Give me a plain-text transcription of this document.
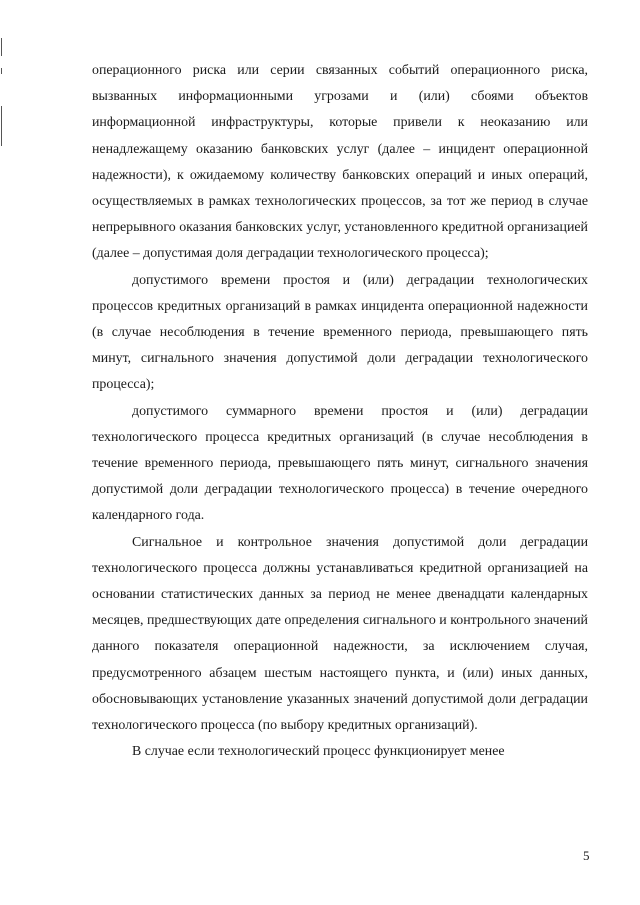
операционного риска или серии связанных событий операционного риска, вызванных информационными угрозами и (или) сбоями объектов информационной инфраструктуры, которые привели к неоказанию или ненадлежащему оказанию банковских услуг (далее – инцидент операционной надежности), к ожидаемому количеству банковских операций и иных операций, осуществляемых в рамках технологических процессов, за тот же период в случае непрерывного оказания банковских услуг, установленного кредитной организацией (далее – допустимая доля деградации технологического процесса);

допустимого времени простоя и (или) деградации технологических процессов кредитных организаций в рамках инцидента операционной надежности (в случае несоблюдения в течение временного периода, превышающего пять минут, сигнального значения допустимой доли деградации технологического процесса);

допустимого суммарного времени простоя и (или) деградации технологического процесса кредитных организаций (в случае несоблюдения в течение временного периода, превышающего пять минут, сигнального значения допустимой доли деградации технологического процесса) в течение очередного календарного года.

Сигнальное и контрольное значения допустимой доли деградации технологического процесса должны устанавливаться кредитной организацией на основании статистических данных за период не менее двенадцати календарных месяцев, предшествующих дате определения сигнального и контрольного значений данного показателя операционной надежности, за исключением случая, предусмотренного абзацем шестым настоящего пункта, и (или) иных данных, обосновывающих установление указанных значений допустимой доли деградации технологического процесса (по выбору кредитных организаций).

В случае если технологический процесс функционирует менее

5
